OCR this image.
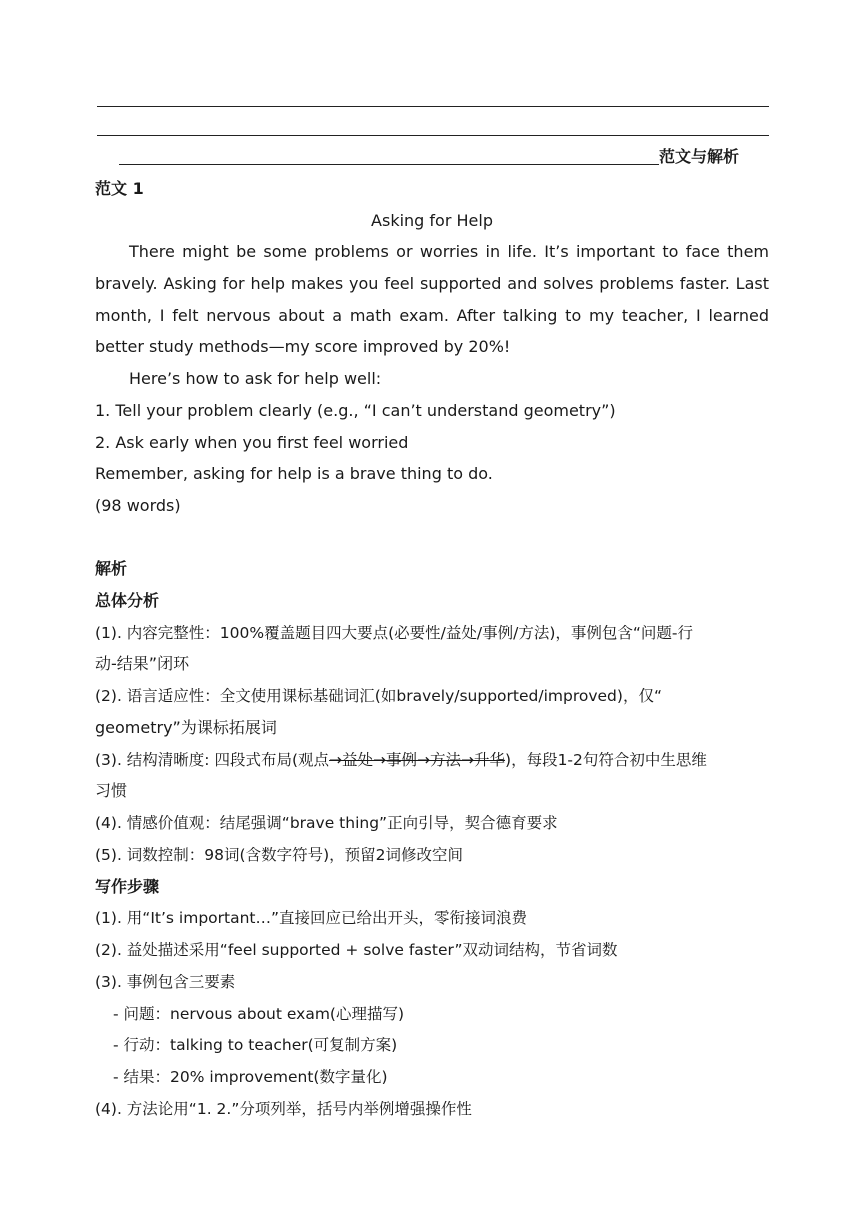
范文与解析
范文 1
Asking for Help
There might be some problems or worries in life. It’s important to face them
bravely. Asking for help makes you feel supported and solves problems faster. Last
month, I felt nervous about a math exam. After talking to my teacher, I learned
better study methods—my score improved by 20%!
Here’s how to ask for help well:
1. Tell your problem clearly (e.g., “I can’t understand geometry”)
2. Ask early when you first feel worried
Remember, asking for help is a brave thing to do.
(98 words)
解析
总体分析
(1). 内容完整性：100%覆盖题目四大要点(必要性/益处/事例/方法)，事例包含“问题-行
动-结果”闭环
(2). 语言适应性：全文使用课标基础词汇(如bravely/supported/improved)，仅“
geometry”为课标拓展词
(3). 结构清晰度: 四段式布局(观点→益处→事例→方法→升华)，每段1-2句符合初中生思维
习惯
(4). 情感价值观：结尾强调“brave thing”正向引导，契合德育要求
(5). 词数控制：98词(含数字符号)，预留2词修改空间
写作步骤
(1). 用“It’s important…”直接回应已给出开头，零衔接词浪费
(2). 益处描述采用“feel supported + solve faster”双动词结构，节省词数
(3). 事例包含三要素
- 问题：nervous about exam(心理描写)
- 行动：talking to teacher(可复制方案)
- 结果：20% improvement(数字量化)
(4). 方法论用“1. 2.”分项列举，括号内举例增强操作性
